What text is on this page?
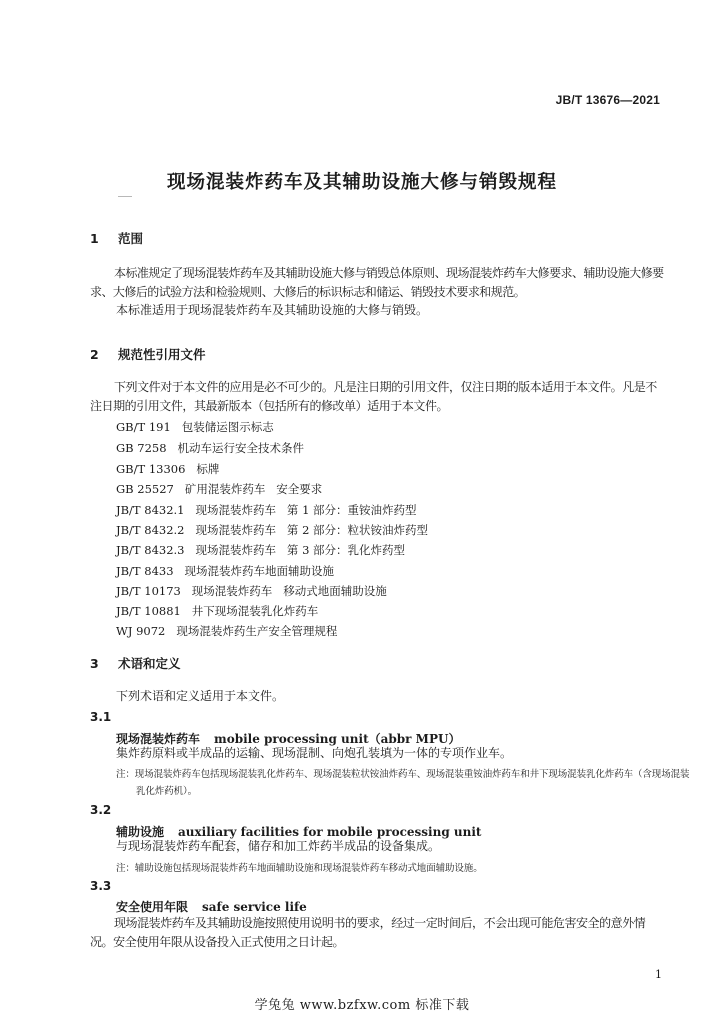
JB/T 13676—2021
现场混装炸药车及其辅助设施大修与销毁规程
1 范围
本标准规定了现场混装炸药车及其辅助设施大修与销毁总体原则、现场混装炸药车大修要求、辅助设施大修要求、大修后的试验方法和检验规则、大修后的标识标志和储运、销毁技术要求和规范。
本标准适用于现场混装炸药车及其辅助设施的大修与销毁。
2 规范性引用文件
下列文件对于本文件的应用是必不可少的。凡是注日期的引用文件，仅注日期的版本适用于本文件。凡是不注日期的引用文件，其最新版本（包括所有的修改单）适用于本文件。
GB/T 191   包装储运图示标志
GB 7258   机动车运行安全技术条件
GB/T 13306   标牌
GB 25527   矿用混装炸药车   安全要求
JB/T 8432.1   现场混装炸药车   第 1 部分：重铵油炸药型
JB/T 8432.2   现场混装炸药车   第 2 部分：粒状铵油炸药型
JB/T 8432.3   现场混装炸药车   第 3 部分：乳化炸药型
JB/T 8433   现场混装炸药车地面辅助设施
JB/T 10173   现场混装炸药车   移动式地面辅助设施
JB/T 10881   井下现场混装乳化炸药车
WJ 9072   现场混装炸药生产安全管理规程
3 术语和定义
下列术语和定义适用于本文件。
3.1
现场混装炸药车 mobile processing unit（abbr MPU）
集炸药原料或半成品的运输、现场混制、向炮孔装填为一体的专项作业车。
注：现场混装炸药车包括现场混装乳化炸药车、现场混装粒状铵油炸药车、现场混装重铵油炸药车和井下现场混装乳化炸药车（含现场混装乳化炸药机）。
3.2
辅助设施 auxiliary facilities for mobile processing unit
与现场混装炸药车配套，储存和加工炸药半成品的设备集成。
注：辅助设施包括现场混装炸药车地面辅助设施和现场混装炸药车移动式地面辅助设施。
3.3
安全使用年限 safe service life
现场混装炸药车及其辅助设施按照使用说明书的要求，经过一定时间后，不会出现可能危害安全的意外情况。安全使用年限从设备投入正式使用之日计起。
1
学兔兔 www.bzfxw.com 标准下载
